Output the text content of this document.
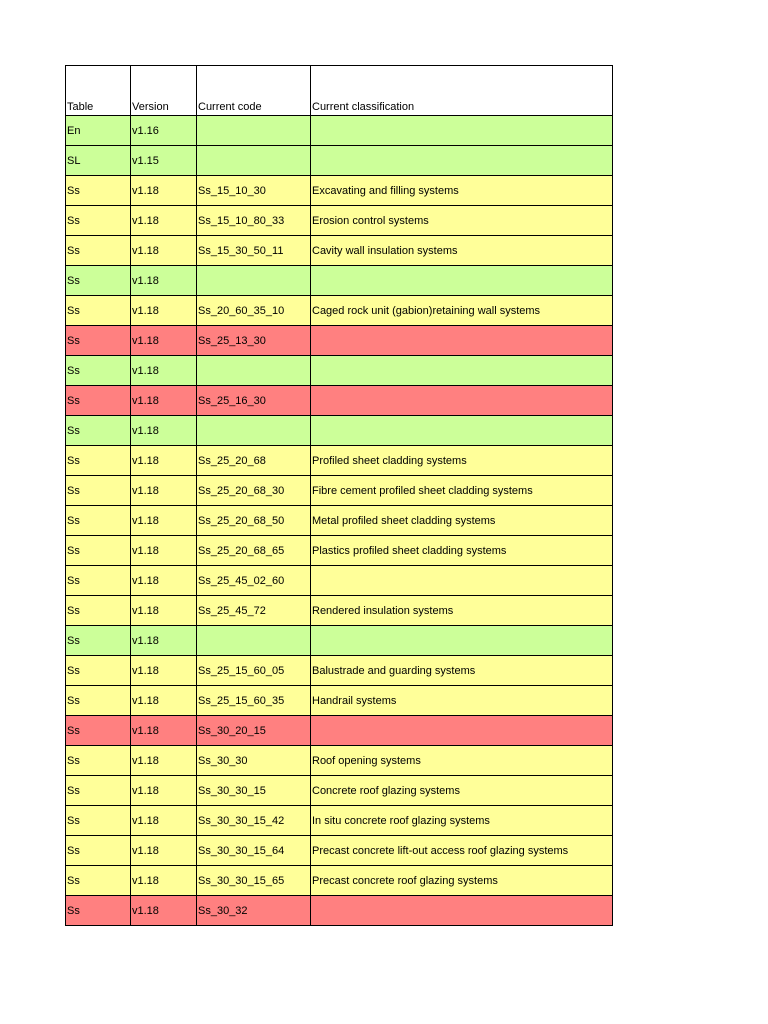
Table	Version	Current code	Current classification
En	v1.16		
SL	v1.15		
Ss	v1.18	Ss_15_10_30	Excavating and filling systems
Ss	v1.18	Ss_15_10_80_33	Erosion control systems
Ss	v1.18	Ss_15_30_50_11	Cavity wall insulation systems
Ss	v1.18		
Ss	v1.18	Ss_20_60_35_10	Caged rock unit (gabion)retaining wall systems
Ss	v1.18	Ss_25_13_30	
Ss	v1.18		
Ss	v1.18	Ss_25_16_30	
Ss	v1.18		
Ss	v1.18	Ss_25_20_68	Profiled sheet cladding systems
Ss	v1.18	Ss_25_20_68_30	Fibre cement profiled sheet cladding systems
Ss	v1.18	Ss_25_20_68_50	Metal profiled sheet cladding systems
Ss	v1.18	Ss_25_20_68_65	Plastics profiled sheet cladding systems
Ss	v1.18	Ss_25_45_02_60	
Ss	v1.18	Ss_25_45_72	Rendered insulation systems
Ss	v1.18		
Ss	v1.18	Ss_25_15_60_05	Balustrade and guarding systems
Ss	v1.18	Ss_25_15_60_35	Handrail systems
Ss	v1.18	Ss_30_20_15	
Ss	v1.18	Ss_30_30	Roof opening systems
Ss	v1.18	Ss_30_30_15	Concrete roof glazing systems
Ss	v1.18	Ss_30_30_15_42	In situ concrete roof glazing systems
Ss	v1.18	Ss_30_30_15_64	Precast concrete lift-out access roof glazing systems
Ss	v1.18	Ss_30_30_15_65	Precast concrete roof glazing systems
Ss	v1.18	Ss_30_32	
